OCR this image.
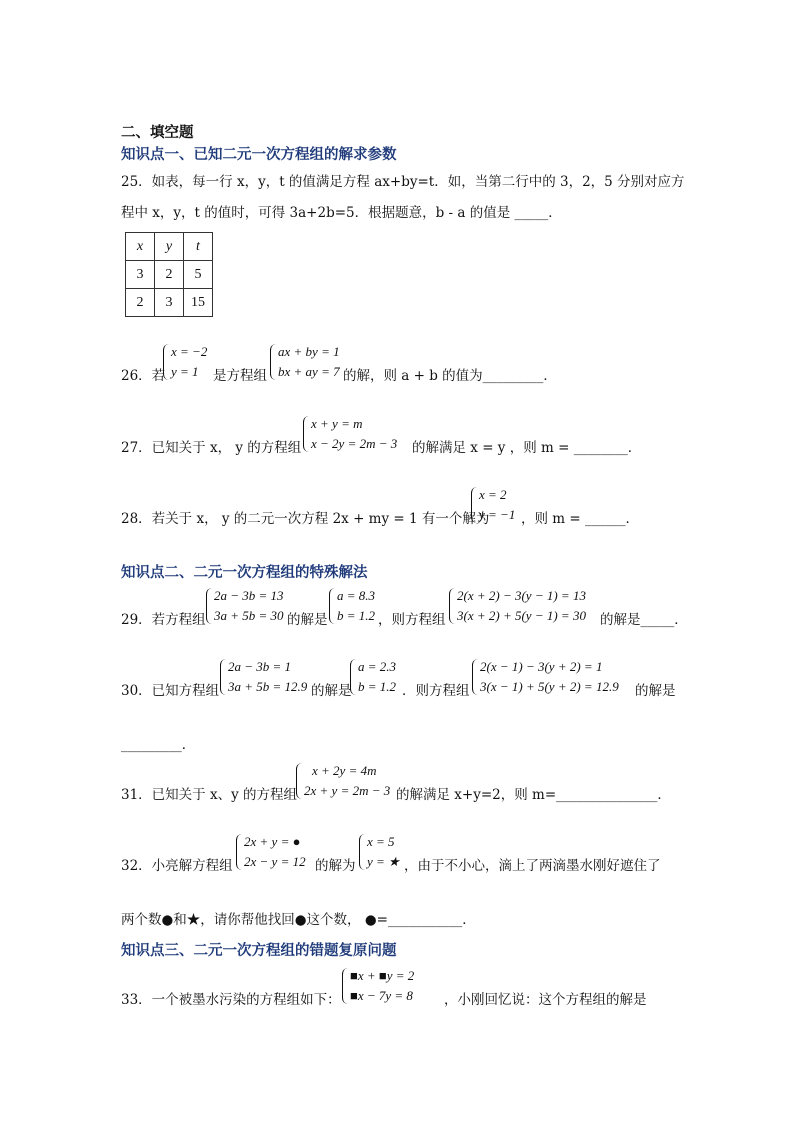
二、填空题
知识点一、已知二元一次方程组的解求参数
25．如表，每一行 x，y，t 的值满足方程 ax+by=t．如，当第二行中的 3，2，5 分别对应方
程中 x，y，t 的值时，可得 3a+2b=5．根据题意，b - a 的值是 _____．
x	y	t
3	2	5
2	3	15
26．若
x = −2
y = 1	是方程组
ax + by = 1
bx + ay = 7 的解，则 a + b 的值为_________．
27．已知关于 x， y 的方程组
x + y = m
x − 2y = 2m − 3 的解满足 x = y ，则 m = ________．
28．若关于 x， y 的二元一次方程 2x + my = 1 有一个解为
x = 2
y = −1 ，则 m = ______．
知识点二、二元一次方程组的特殊解法
29．若方程组
2a − 3b = 13
3a + 5b = 30 的解是
a = 8.3
b = 1.2 ，则方程组
2(x + 2) − 3(y − 1) = 13
3(x + 2) + 5(y − 1) = 30 的解是_____．
30．已知方程组
2a − 3b = 1
3a + 5b = 12.9 的解是
a = 2.3
b = 1.2 ．则方程组
2(x − 1) − 3(y + 2) = 1
3(x − 1) + 5(y + 2) = 12.9 的解是
_________．
31．已知关于 x、y 的方程组
x + 2y = 4m
2x + y = 2m − 3 的解满足 x+y=2，则 m=_______________．
32．小亮解方程组
2x + y = ●
2x − y = 12 的解为
x = 5
y = ★ ，由于不小心，滴上了两滴墨水刚好遮住了
两个数●和★，请你帮他找回●这个数， ●=___________．
知识点三、二元一次方程组的错题复原问题
33．一个被墨水污染的方程组如下：
■x + ■y = 2
■x − 7y = 8 ，小刚回忆说：这个方程组的解是
